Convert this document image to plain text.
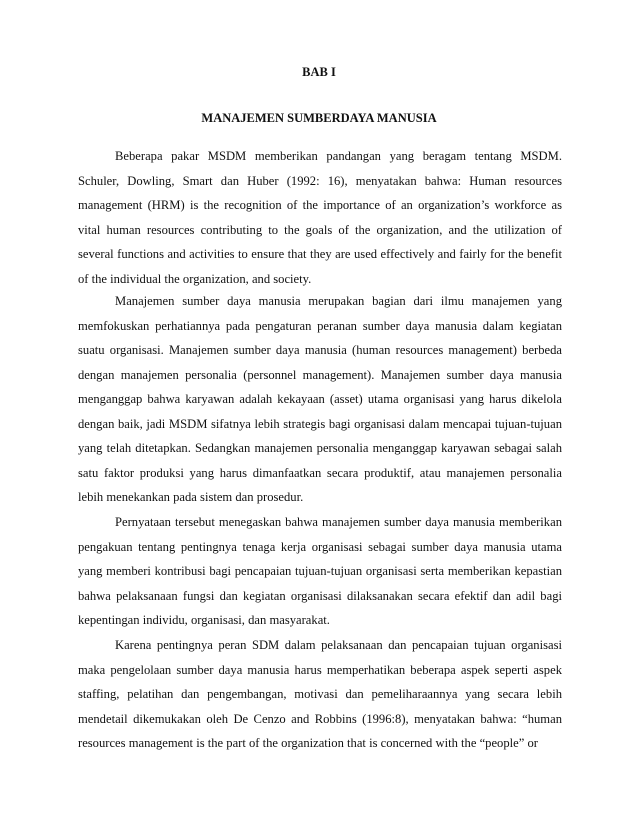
BAB I
MANAJEMEN SUMBERDAYA MANUSIA

Beberapa pakar MSDM memberikan pandangan yang beragam tentang MSDM. Schuler, Dowling, Smart dan Huber (1992: 16), menyatakan bahwa: Human resources management (HRM) is the recognition of the importance of an organization’s workforce as vital human resources contributing to the goals of the organization, and the utilization of several functions and activities to ensure that they are used effectively and fairly for the benefit of the individual the organization, and society.

Manajemen sumber daya manusia merupakan bagian dari ilmu manajemen yang memfokuskan perhatiannya pada pengaturan peranan sumber daya manusia dalam kegiatan suatu organisasi. Manajemen sumber daya manusia (human resources management) berbeda dengan manajemen personalia (personnel management). Manajemen sumber daya manusia menganggap bahwa karyawan adalah kekayaan (asset) utama organisasi yang harus dikelola dengan baik, jadi MSDM sifatnya lebih strategis bagi organisasi dalam mencapai tujuan-tujuan yang telah ditetapkan. Sedangkan manajemen personalia menganggap karyawan sebagai salah satu faktor produksi yang harus dimanfaatkan secara produktif, atau manajemen personalia lebih menekankan pada sistem dan prosedur.

Pernyataan tersebut menegaskan bahwa manajemen sumber daya manusia memberikan pengakuan tentang pentingnya tenaga kerja organisasi sebagai sumber daya manusia utama yang memberi kontribusi bagi pencapaian tujuan-tujuan organisasi serta memberikan kepastian bahwa pelaksanaan fungsi dan kegiatan organisasi dilaksanakan secara efektif dan adil bagi kepentingan individu, organisasi, dan masyarakat.

Karena pentingnya peran SDM dalam pelaksanaan dan pencapaian tujuan organisasi maka pengelolaan sumber daya manusia harus memperhatikan beberapa aspek seperti aspek staffing, pelatihan dan pengembangan, motivasi dan pemeliharaannya yang secara lebih mendetail dikemukakan oleh De Cenzo and Robbins (1996:8), menyatakan bahwa: “human resources management is the part of the organization that is concerned with the “people” or
